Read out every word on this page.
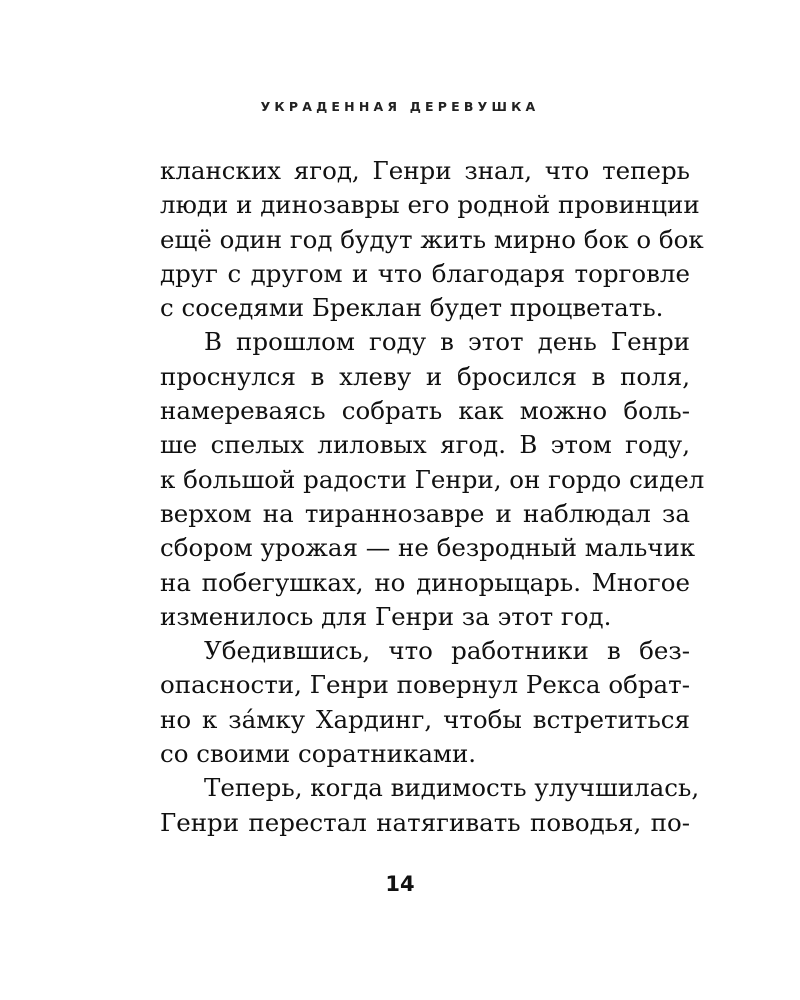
УКРАДЕННАЯ ДЕРЕВУШКА
кланских ягод, Генри знал, что теперь
люди и динозавры его родной провинции
ещё один год будут жить мирно бок о бок
друг с другом и что благодаря торговле
с соседями Бреклан будет процветать.
В прошлом году в этот день Генри
проснулся в хлеву и бросился в поля,
намереваясь собрать как можно боль-
ше спелых лиловых ягод. В этом году,
к большой радости Генри, он гордо сидел
верхом на тираннозавре и наблюдал за
сбором урожая — не безродный мальчик
на побегушках, но динорыцарь. Многое
изменилось для Генри за этот год.
Убедившись, что работники в без-
опасности, Генри повернул Рекса обрат-
но к за́мку Хардинг, чтобы встретиться
со своими соратниками.
Теперь, когда видимость улучшилась,
Генри перестал натягивать поводья, по-
14
